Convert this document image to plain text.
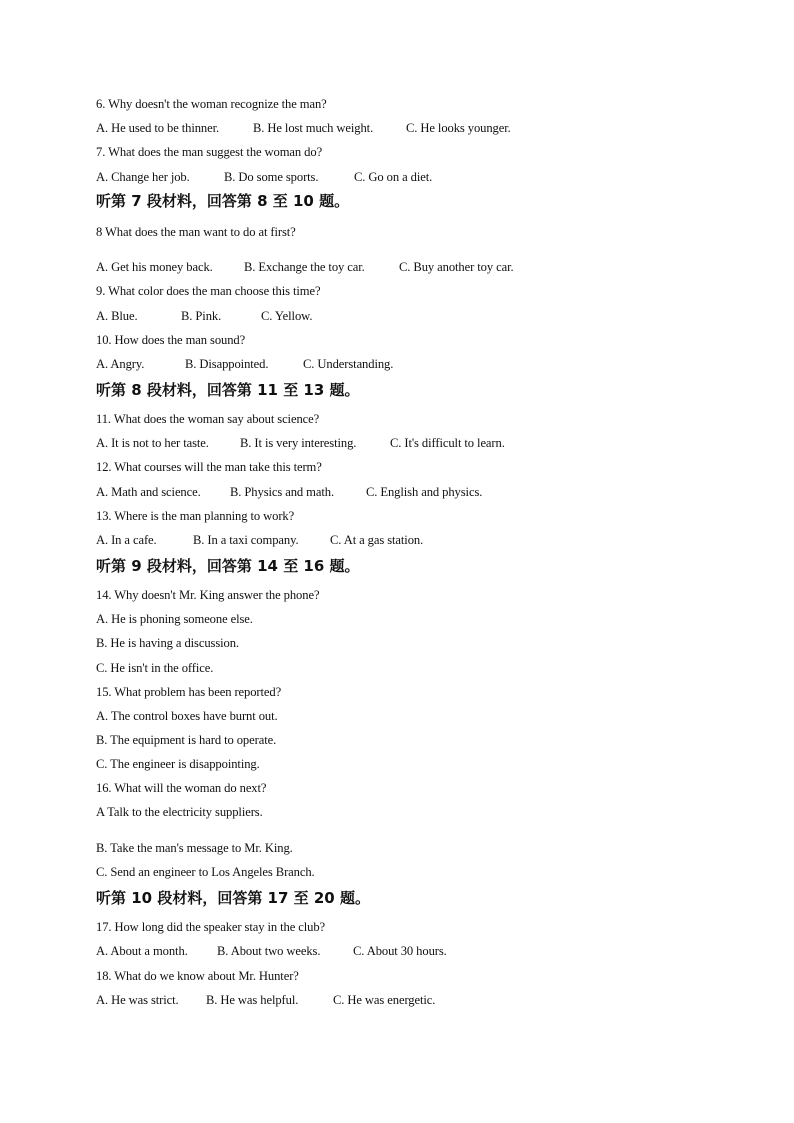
6. Why doesn't the woman recognize the man?
A. He used to be thinner.	B. He lost much weight.	C. He looks younger.
7. What does the man suggest the woman do?
A. Change her job.	B. Do some sports.	C. Go on a diet.
听第 7 段材料，回答第 8 至 10 题。
8 What does the man want to do at first?
A. Get his money back. B. Exchange the toy car.	C. Buy another toy car.
9. What color does the man choose this time?
A. Blue.	B. Pink.	C. Yellow.
10. How does the man sound?
A. Angry.	B. Disappointed.	C. Understanding.
听第 8 段材料，回答第 11 至 13 题。
11. What does the woman say about science?
A. It is not to her taste. B. It is very interesting.	C. It's difficult to learn.
12. What courses will the man take this term?
A. Math and science. B. Physics and math.	C. English and physics.
13. Where is the man planning to work?
A. In a cafe.	B. In a taxi company. C. At a gas station.
听第 9 段材料，回答第 14 至 16 题。
14. Why doesn't Mr. King answer the phone?
A. He is phoning someone else.
B. He is having a discussion.
C. He isn't in the office.
15. What problem has been reported?
A. The control boxes have burnt out.
B. The equipment is hard to operate.
C. The engineer is disappointing.
16. What will the woman do next?
A Talk to the electricity suppliers.
B. Take the man's message to Mr. King.
C. Send an engineer to Los Angeles Branch.
听第 10 段材料，回答第 17 至 20 题。
17. How long did the speaker stay in the club?
A. About a month. B. About two weeks.	C. About 30 hours.
18. What do we know about Mr. Hunter?
A. He was strict. B. He was helpful.	C. He was energetic.
